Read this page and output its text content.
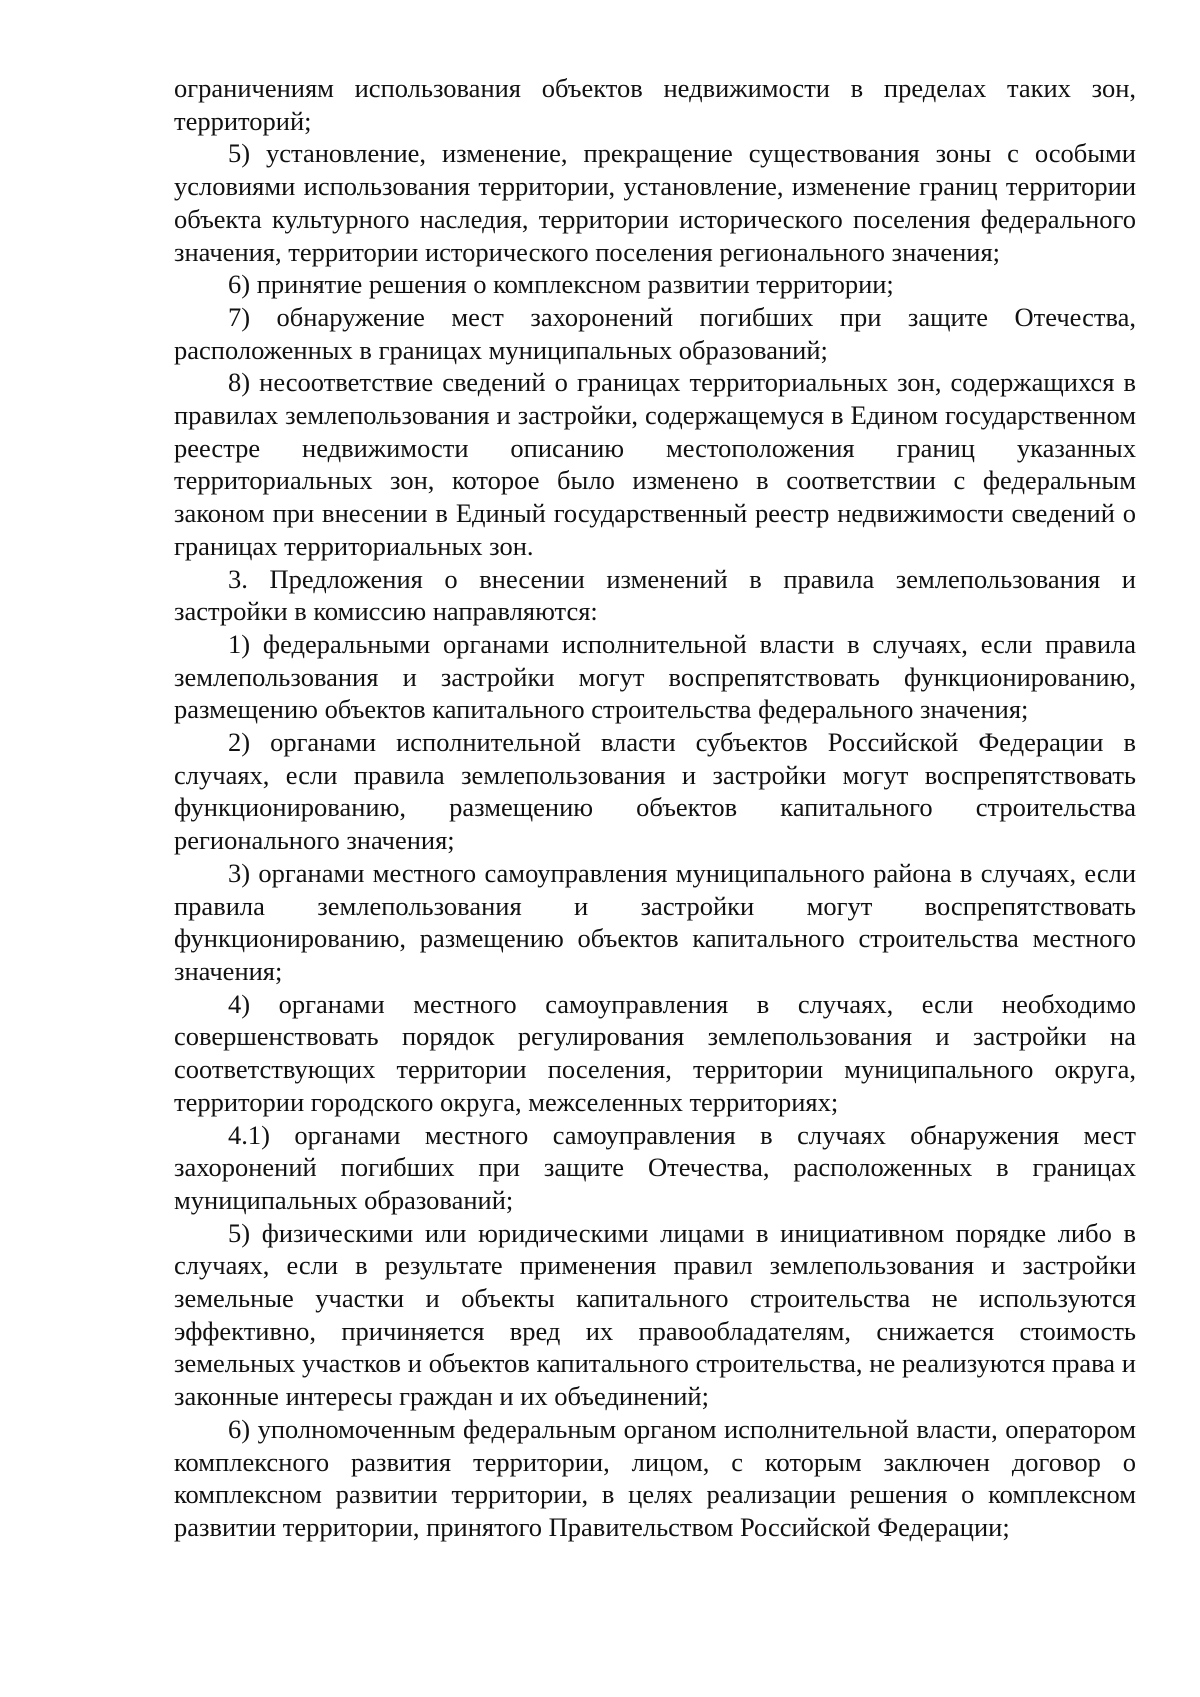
ограничениям использования объектов недвижимости в пределах таких зон, территорий;

5) установление, изменение, прекращение существования зоны с особыми условиями использования территории, установление, изменение границ территории объекта культурного наследия, территории исторического поселения федерального значения, территории исторического поселения регионального значения;

6) принятие решения о комплексном развитии территории;

7) обнаружение мест захоронений погибших при защите Отечества, расположенных в границах муниципальных образований;

8) несоответствие сведений о границах территориальных зон, содержащихся в правилах землепользования и застройки, содержащемуся в Едином государственном реестре недвижимости описанию местоположения границ указанных территориальных зон, которое было изменено в соответствии с федеральным законом при внесении в Единый государственный реестр недвижимости сведений о границах территориальных зон.

3. Предложения о внесении изменений в правила землепользования и застройки в комиссию направляются:

1) федеральными органами исполнительной власти в случаях, если правила землепользования и застройки могут воспрепятствовать функционированию, размещению объектов капитального строительства федерального значения;

2) органами исполнительной власти субъектов Российской Федерации в случаях, если правила землепользования и застройки могут воспрепятствовать функционированию, размещению объектов капитального строительства регионального значения;

3) органами местного самоуправления муниципального района в случаях, если правила землепользования и застройки могут воспрепятствовать функционированию, размещению объектов капитального строительства местного значения;

4) органами местного самоуправления в случаях, если необходимо совершенствовать порядок регулирования землепользования и застройки на соответствующих территории поселения, территории муниципального округа, территории городского округа, межселенных территориях;

4.1) органами местного самоуправления в случаях обнаружения мест захоронений погибших при защите Отечества, расположенных в границах муниципальных образований;

5) физическими или юридическими лицами в инициативном порядке либо в случаях, если в результате применения правил землепользования и застройки земельные участки и объекты капитального строительства не используются эффективно, причиняется вред их правообладателям, снижается стоимость земельных участков и объектов капитального строительства, не реализуются права и законные интересы граждан и их объединений;

6) уполномоченным федеральным органом исполнительной власти, оператором комплексного развития территории, лицом, с которым заключен договор о комплексном развитии территории, в целях реализации решения о комплексном развитии территории, принятого Правительством Российской Федерации;
